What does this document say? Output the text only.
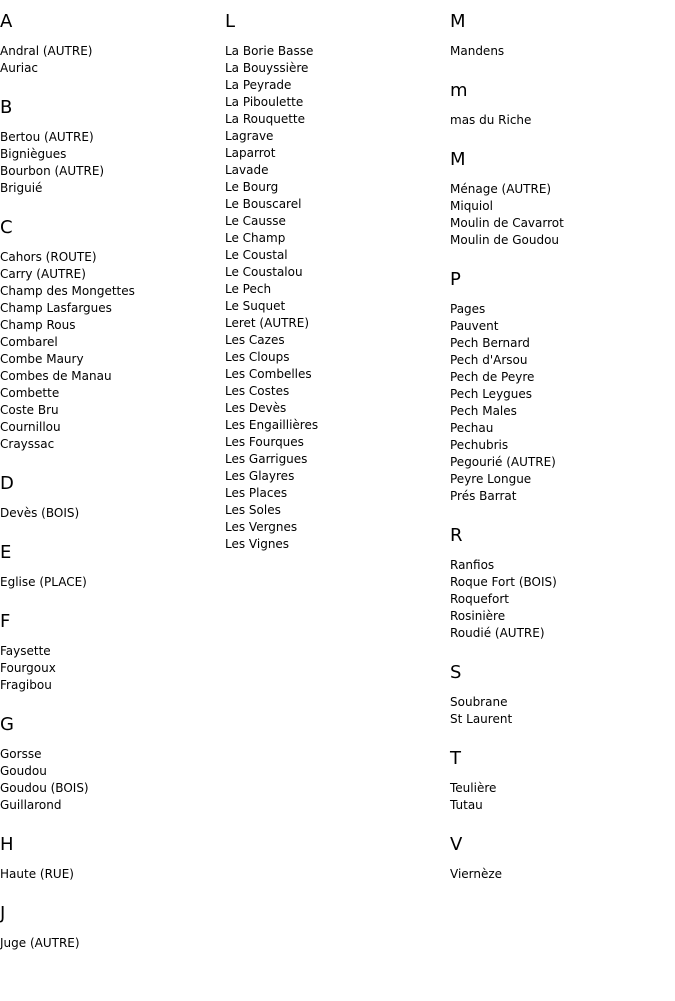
A
Andral (AUTRE)
Auriac
B
Bertou (AUTRE)
Bigniègues
Bourbon (AUTRE)
Briguié
C
Cahors (ROUTE)
Carry (AUTRE)
Champ des Mongettes
Champ Lasfargues
Champ Rous
Combarel
Combe Maury
Combes de Manau
Combette
Coste Bru
Cournillou
Crayssac
D
Devès (BOIS)
E
Eglise (PLACE)
F
Faysette
Fourgoux
Fragibou
G
Gorsse
Goudou
Goudou (BOIS)
Guillarond
H
Haute (RUE)
J
Juge (AUTRE)
L
La Borie Basse
La Bouyssière
La Peyrade
La Piboulette
La Rouquette
Lagrave
Laparrot
Lavade
Le Bourg
Le Bouscarel
Le Causse
Le Champ
Le Coustal
Le Coustalou
Le Pech
Le Suquet
Leret (AUTRE)
Les Cazes
Les Cloups
Les Combelles
Les Costes
Les Devès
Les Engaillières
Les Fourques
Les Garrigues
Les Glayres
Les Places
Les Soles
Les Vergnes
Les Vignes
M
Mandens
m
mas du Riche
M
Ménage (AUTRE)
Miquiol
Moulin de Cavarrot
Moulin de Goudou
P
Pages
Pauvent
Pech Bernard
Pech d'Arsou
Pech de Peyre
Pech Leygues
Pech Males
Pechau
Pechubris
Pegourié (AUTRE)
Peyre Longue
Prés Barrat
R
Ranfios
Roque Fort (BOIS)
Roquefort
Rosinière
Roudié (AUTRE)
S
Soubrane
St Laurent
T
Teulière
Tutau
V
Viernèze
